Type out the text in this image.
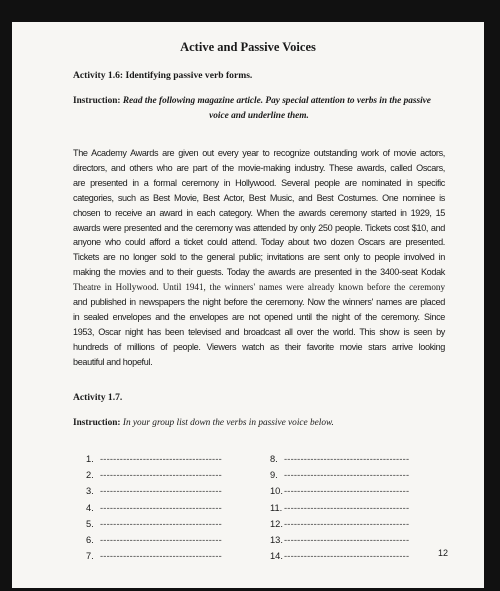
Active and Passive Voices
Activity 1.6: Identifying passive verb forms.
Instruction: Read the following magazine article. Pay special attention to verbs in the passive
voice and underline them.

The Academy Awards are given out every year to recognize outstanding work of movie actors,

directors, and others who are part of the movie-making industry. These awards, called Oscars,

are presented in a formal ceremony in Hollywood. Several people are nominated in specific

categories, such as Best Movie, Best Actor, Best Music, and Best Costumes. One nominee is

chosen to receive an award in each category. When the awards ceremony started in 1929, 15

awards were presented and the ceremony was attended by only 250 people. Tickets cost $10, and

anyone who could afford a ticket could attend. Today about two dozen Oscars are presented.

Tickets are no longer sold to the general public; invitations are sent only to people involved in

making the movies and to their guests. Today the awards are presented in the 3400-seat Kodak

Theatre in Hollywood. Until 1941, the winners' names were already known before the ceremony

and published in newspapers the night before the ceremony. Now the winners' names are placed

in sealed envelopes and the envelopes are not opened until the night of the ceremony. Since

1953, Oscar night has been televised and broadcast all over the world. This show is seen by

hundreds of millions of people. Viewers watch as their favorite movie stars arrive looking

beautiful and hopeful.

Activity 1.7.
Instruction: In your group list down the verbs in passive voice below.
1. -------------------------------------
2. -------------------------------------
3. -------------------------------------
4. -------------------------------------
5. -------------------------------------
6. -------------------------------------
7. -------------------------------------
8. --------------------------------------
9. --------------------------------------
10.--------------------------------------
11. --------------------------------------
12.--------------------------------------
13.--------------------------------------
14.--------------------------------------	12
